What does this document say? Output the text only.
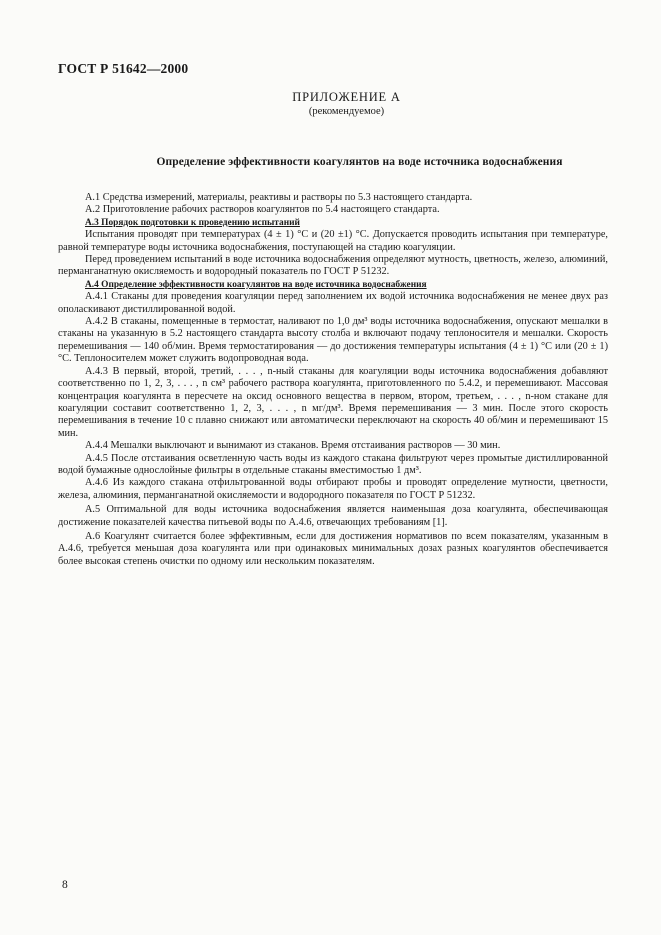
ГОСТ Р 51642—2000
ПРИЛОЖЕНИЕ А
(рекомендуемое)
Определение эффективности коагулянтов на воде источника водоснабжения

А.1 Средства измерений, материалы, реактивы и растворы по 5.3 настоящего стандарта.

А.2 Приготовление рабочих растворов коагулянтов по 5.4 настоящего стандарта.

А.3 Порядок подготовки к проведению испытаний

Испытания проводят при температурах (4 ± 1) °С и (20 ±1) °С. Допускается проводить испытания при температуре, равной температуре воды источника водоснабжения, поступающей на стадию коагуляции.

Перед проведением испытаний в воде источника водоснабжения определяют мутность, цветность, железо, алюминий, перманганатную окисляемость и водородный показатель по ГОСТ Р 51232.

А.4 Определение эффективности коагулянтов на воде источника водоснабжения

А.4.1 Стаканы для проведения коагуляции перед заполнением их водой источника водоснабжения не менее двух раз ополаскивают дистиллированной водой.

А.4.2 В стаканы, помещенные в термостат, наливают по 1,0 дм³ воды источника водоснабжения, опускают мешалки в стаканы на указанную в 5.2 настоящего стандарта высоту столба и включают подачу теплоносителя и мешалки. Скорость перемешивания — 140 об/мин. Время термостатирования — до достижения температуры испытания (4 ± 1) °С или (20 ± 1) °С. Теплоносителем может служить водопроводная вода.

А.4.3 В первый, второй, третий, . . . , n-ный стаканы для коагуляции воды источника водоснабжения добавляют соответственно по 1, 2, 3, . . . , n см³ рабочего раствора коагулянта, приготовленного по 5.4.2, и перемешивают. Массовая концентрация коагулянта в пересчете на оксид основного вещества в первом, втором, третьем, . . . , n-ном стакане для коагуляции составит соответственно 1, 2, 3, . . . , n мг/дм³. Время перемешивания — 3 мин. После этого скорость перемешивания в течение 10 с плавно снижают или автоматически переключают на скорость 40 об/мин и перемешивают 15 мин.

А.4.4 Мешалки выключают и вынимают из стаканов. Время отстаивания растворов — 30 мин.

А.4.5 После отстаивания осветленную часть воды из каждого стакана фильтруют через промытые дистиллированной водой бумажные однослойные фильтры в отдельные стаканы вместимостью 1 дм³.

А.4.6 Из каждого стакана отфильтрованной воды отбирают пробы и проводят определение мутности, цветности, железа, алюминия, перманганатной окисляемости и водородного показателя по ГОСТ Р 51232.

А.5 Оптимальной для воды источника водоснабжения является наименьшая доза коагулянта, обеспечивающая достижение показателей качества питьевой воды по А.4.6, отвечающих требованиям [1].

А.6 Коагулянт считается более эффективным, если для достижения нормативов по всем показателям, указанным в А.4.6, требуется меньшая доза коагулянта или при одинаковых минимальных дозах разных коагулянтов обеспечивается более высокая степень очистки по одному или нескольким показателям.

8
